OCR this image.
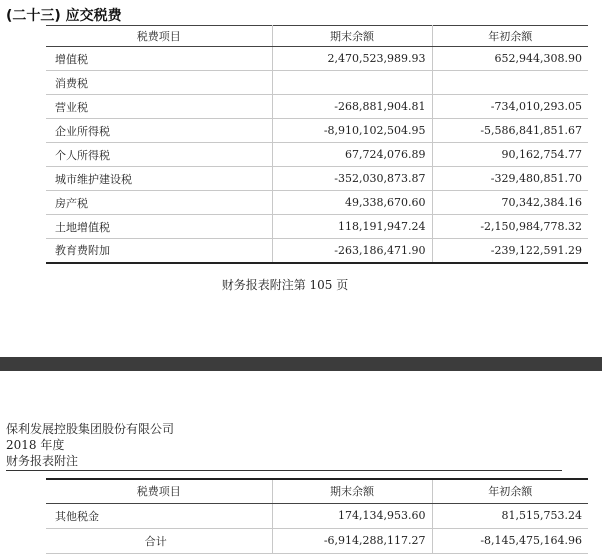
(二十三) 应交税费
税费项目	期末余额	年初余额
增值税	2,470,523,989.93	652,944,308.90
消费税		
营业税	-268,881,904.81	-734,010,293.05
企业所得税	-8,910,102,504.95	-5,586,841,851.67
个人所得税	67,724,076.89	90,162,754.77
城市维护建设税	-352,030,873.87	-329,480,851.70
房产税	49,338,670.60	70,342,384.16
土地增值税	118,191,947.24	-2,150,984,778.32
教育费附加	-263,186,471.90	-239,122,591.29
财务报表附注第 105 页
保利发展控股集团股份有限公司
2018 年度
财务报表附注
税费项目	期末余额	年初余额
其他税金	174,134,953.60	81,515,753.24
合计	-6,914,288,117.27	-8,145,475,164.96
